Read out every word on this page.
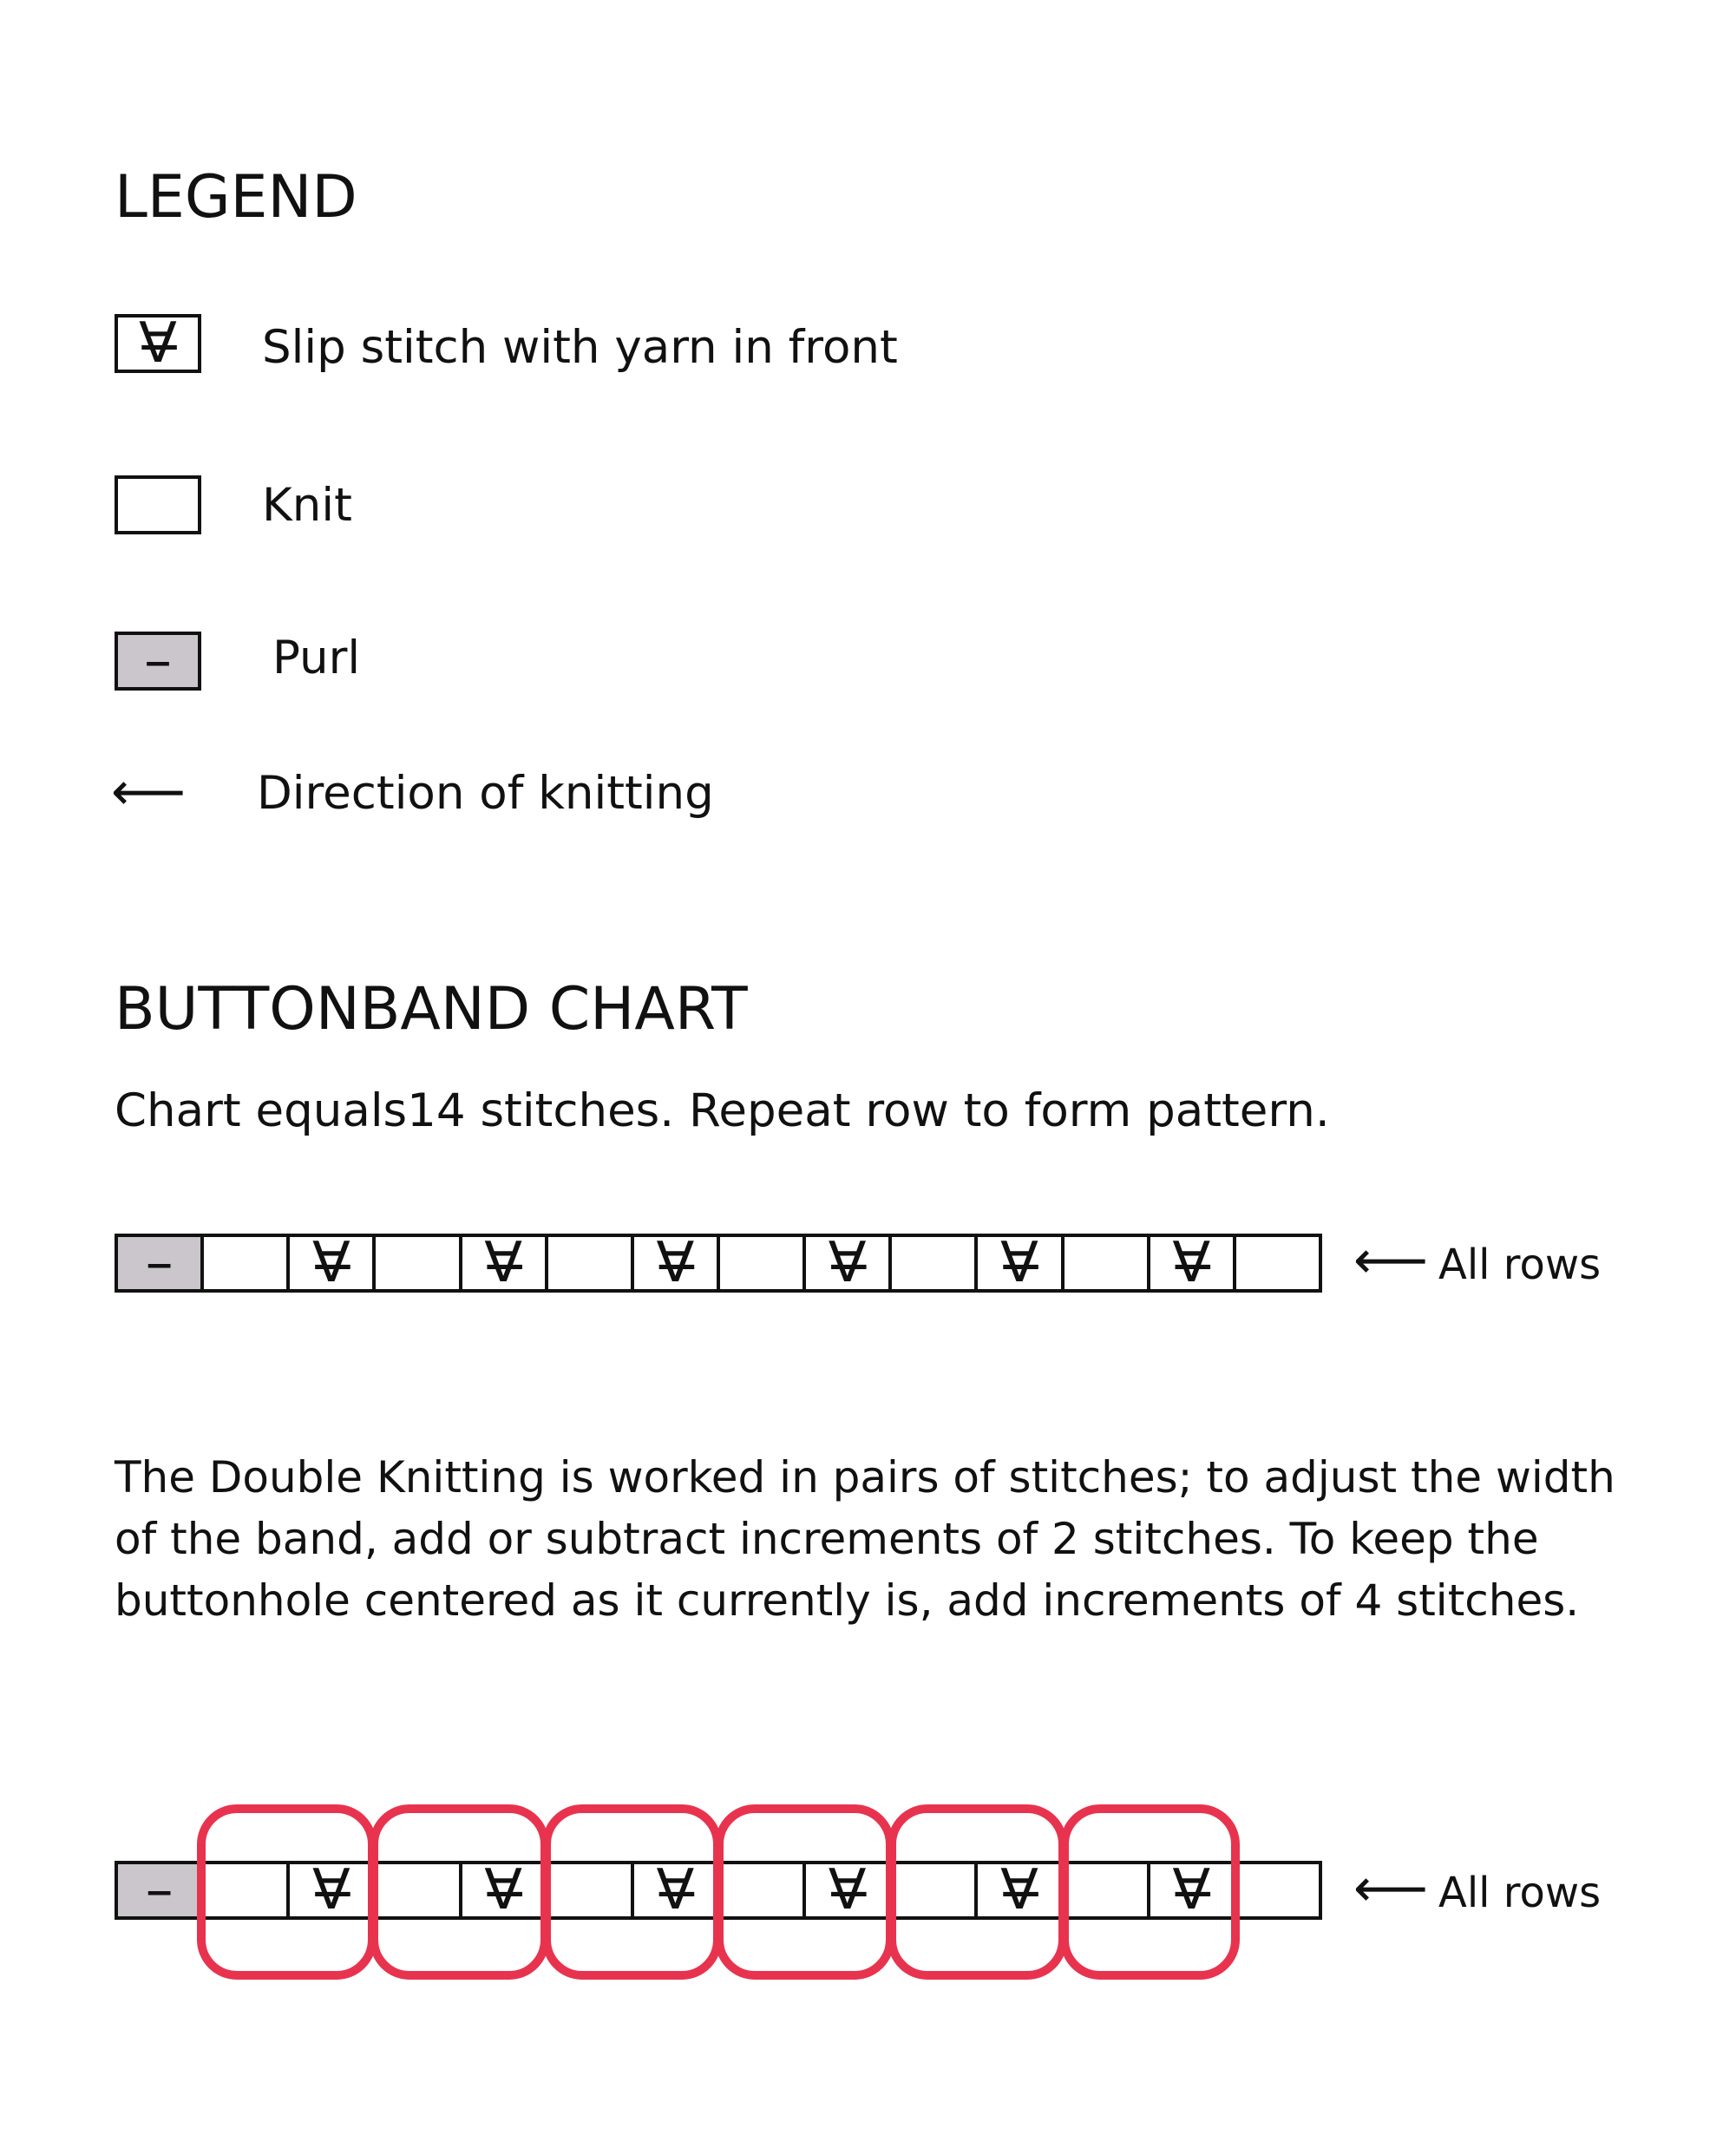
LEGEND
∀̶ Slip stitch with yarn in front
Knit
– Purl
⟵ Direction of knitting
BUTTONBAND CHART
Chart equals14 stitches. Repeat row to form pattern.
–	∀̶ ∀̶ ∀̶ ∀̶ ∀̶ ∀̶	⟵ All rows
The Double Knitting is worked in pairs of stitches; to adjust the width of the band, add or subtract increments of 2 stitches. To keep the buttonhole centered as it currently is, add increments of 4 stitches.
–	∀̶ ∀̶ ∀̶ ∀̶ ∀̶ ∀̶	⟵ All rows
